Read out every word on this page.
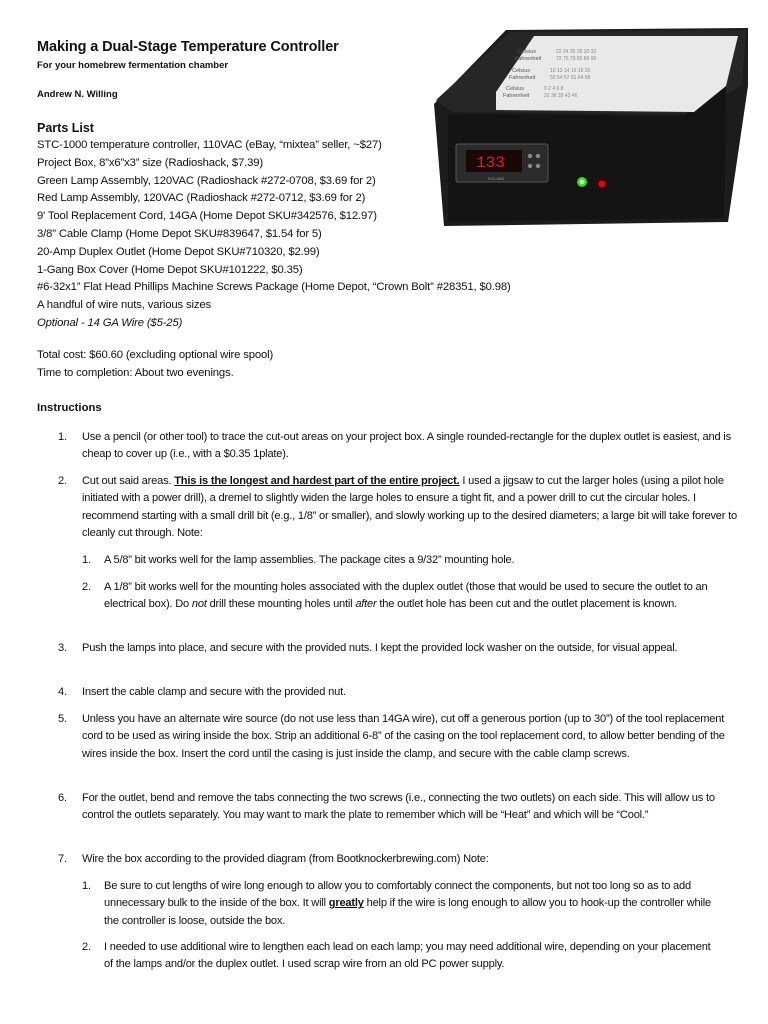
Making a Dual-Stage Temperature Controller
For your homebrew fermentation chamber
Andrew N. Willing
Celsius
Fahrenheit
Celsius
Fahrenheit
Celsius
Fahrenheit
22 24 26 28 30 32
72 75 79 82 86 90
10 12 14 16 18 20
50 54 57 61 64 68
0 2 4 6 8
32 36 39 43 46
133
STC-1000
Parts List
STC-1000 temperature controller, 110VAC (eBay, “mixtea” seller, ~$27)
Project Box, 8”x6”x3” size (Radioshack, $7.39)
Green Lamp Assembly, 120VAC (Radioshack #272-0708, $3.69 for 2)
Red Lamp Assembly, 120VAC (Radioshack #272-0712, $3.69 for 2)
9' Tool Replacement Cord, 14GA (Home Depot SKU#342576, $12.97)
3/8” Cable Clamp (Home Depot SKU#839647, $1.54 for 5)
20-Amp Duplex Outlet (Home Depot SKU#710320, $2.99)
1-Gang Box Cover (Home Depot SKU#101222, $0.35)
#6-32x1” Flat Head Phillips Machine Screws Package (Home Depot, “Crown Bolt” #28351, $0.98)
A handful of wire nuts, various sizes
Optional - 14 GA Wire ($5-25)
Total cost: $60.60 (excluding optional wire spool)
Time to completion: About two evenings.
Instructions
1. Use a pencil (or other tool) to trace the cut-out areas on your project box. A single rounded-rectangle for the duplex outlet is easiest, and is cheap to cover up (i.e., with a $0.35 1plate).
2. Cut out said areas. This is the longest and hardest part of the entire project. I used a jigsaw to cut the larger holes (using a pilot hole initiated with a power drill), a dremel to slightly widen the large holes to ensure a tight fit, and a power drill to cut the circular holes. I recommend starting with a small drill bit (e.g., 1/8” or smaller), and slowly working up to the desired diameters; a large bit will take forever to cleanly cut through. Note:
1. A 5/8” bit works well for the lamp assemblies. The package cites a 9/32” mounting hole.
2. A 1/8” bit works well for the mounting holes associated with the duplex outlet (those that would be used to secure the outlet to an electrical box). Do not drill these mounting holes until after the outlet hole has been cut and the outlet placement is known.
3. Push the lamps into place, and secure with the provided nuts. I kept the provided lock washer on the outside, for visual appeal.
4. Insert the cable clamp and secure with the provided nut.
5. Unless you have an alternate wire source (do not use less than 14GA wire), cut off a generous portion (up to 30”) of the tool replacement cord to be used as wiring inside the box. Strip an additional 6-8” of the casing on the tool replacement cord, to allow better bending of the wires inside the box. Insert the cord until the casing is just inside the clamp, and secure with the cable clamp screws.
6. For the outlet, bend and remove the tabs connecting the two screws (i.e., connecting the two outlets) on each side. This will allow us to control the outlets separately. You may want to mark the plate to remember which will be “Heat” and which will be “Cool.”
7. Wire the box according to the provided diagram (from Bootknockerbrewing.com) Note:
1. Be sure to cut lengths of wire long enough to allow you to comfortably connect the components, but not too long so as to add unnecessary bulk to the inside of the box. It will greatly help if the wire is long enough to allow you to hook-up the controller while the controller is loose, outside the box.
2. I needed to use additional wire to lengthen each lead on each lamp; you may need additional wire, depending on your placement of the lamps and/or the duplex outlet. I used scrap wire from an old PC power supply.
